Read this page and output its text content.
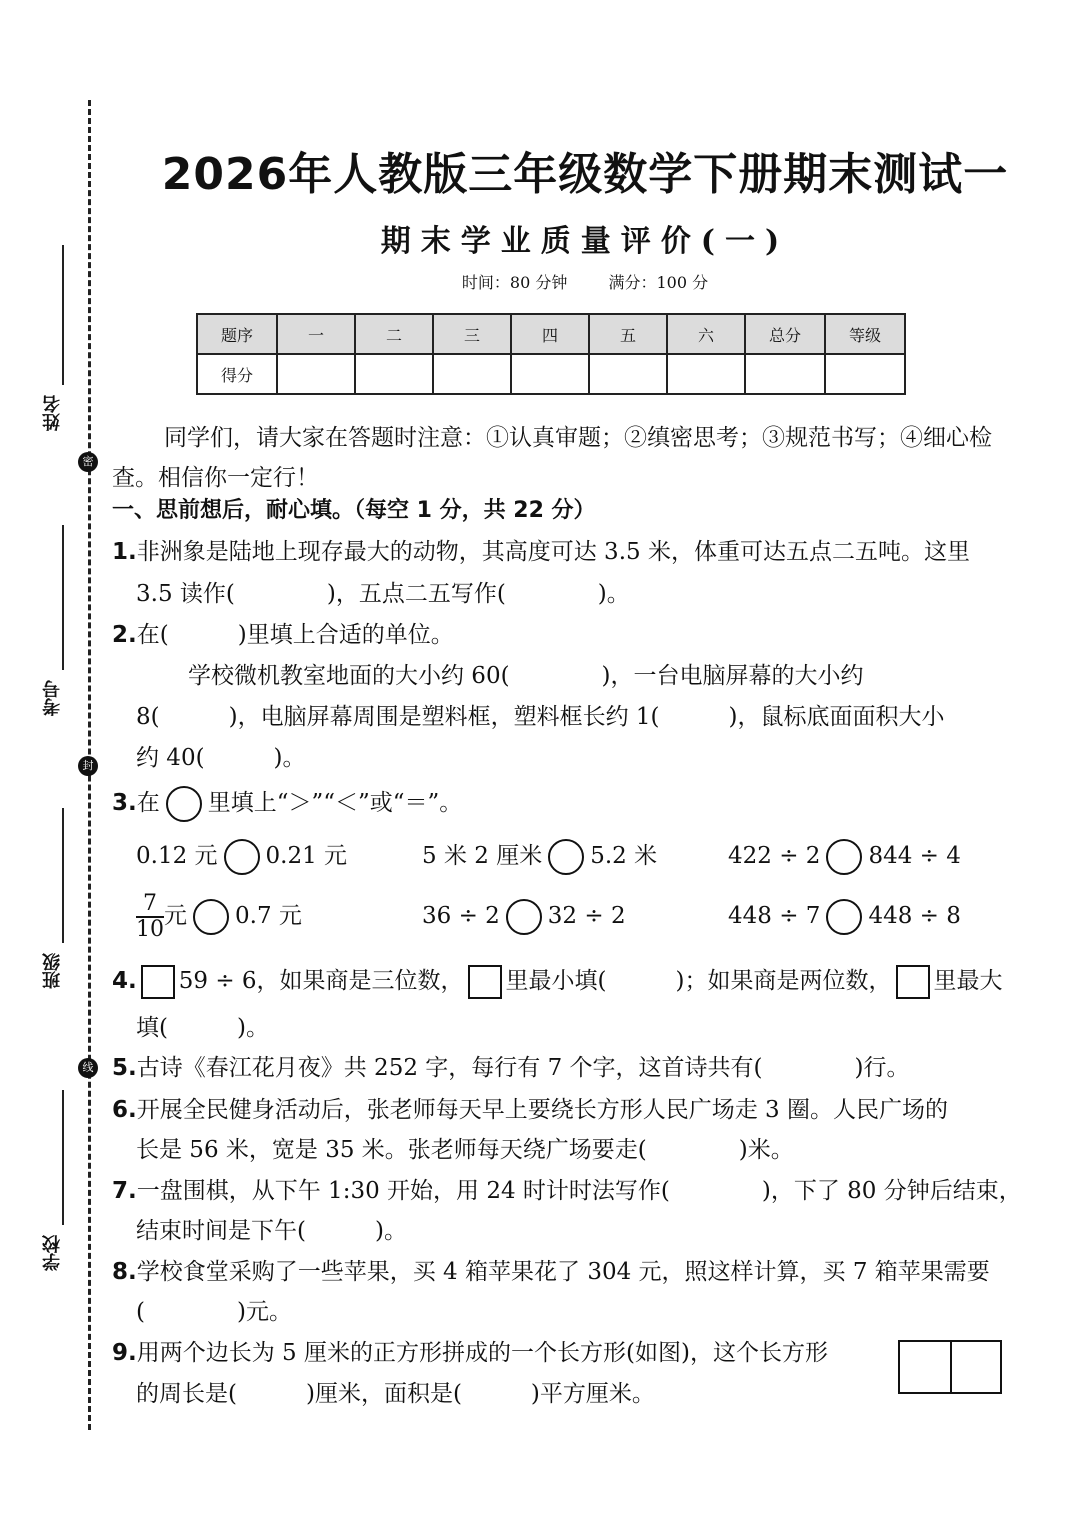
密
封
线
姓名
考号
班级
学校
2026年人教版三年级数学下册期末测试一
期末学业质量评价(一)
时间：80 分钟	满分：100 分
题序	一	二	三	四	五	六	总分	等级
得分								

同学们，请大家在答题时注意：①认真审题；②缜密思考；③规范书写；④细心检

查。相信你一定行！
一、思前想后，耐心填。（每空 1 分，共 22 分）
1.非洲象是陆地上现存最大的动物，其高度可达 3.5 米，体重可达五点二五吨。这里
3.5 读作(　　　　)，五点二五写作(　　　　)。
2.在(　　　)里填上合适的单位。
学校微机教室地面的大小约 60(　　　　)，一台电脑屏幕的大小约
8(　　　)，电脑屏幕周围是塑料框，塑料框长约 1(　　　)，鼠标底面面积大小
约 40(　　　)。
3.在 里填上“＞”“＜”或“＝”。
0.12 元 0.21 元	5 米 2 厘米 5.2 米	422 ÷ 2 844 ÷ 4
$\frac{7}{10}$ 元 0.7 元	36 ÷ 2 32 ÷ 2	448 ÷ 7 448 ÷ 8
4. 59 ÷ 6，如果商是三位数， 里最小填(　　　)；如果商是两位数， 里最大
填(　　　)。
5.古诗《春江花月夜》共 252 字，每行有 7 个字，这首诗共有(　　　　)行。
6.开展全民健身活动后，张老师每天早上要绕长方形人民广场走 3 圈。人民广场的
长是 56 米，宽是 35 米。张老师每天绕广场要走(　　　　)米。
7.一盘围棋，从下午 1:30 开始，用 24 时计时法写作(　　　　)，下了 80 分钟后结束，
结束时间是下午(　　　)。
8.学校食堂采购了一些苹果，买 4 箱苹果花了 304 元，照这样计算，买 7 箱苹果需要
(　　　　)元。
9.用两个边长为 5 厘米的正方形拼成的一个长方形(如图)，这个长方形
的周长是(　　　)厘米，面积是(　　　)平方厘米。
